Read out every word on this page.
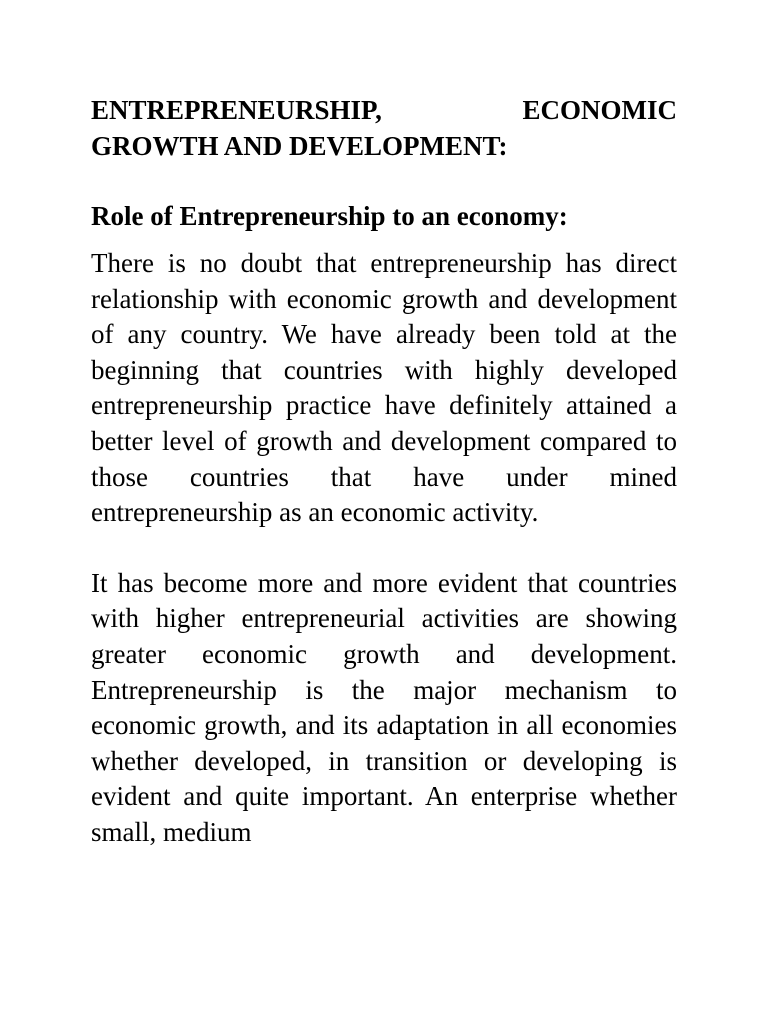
ENTREPRENEURSHIP, ECONOMIC
GROWTH AND DEVELOPMENT:
Role of Entrepreneurship to an economy:

There is no doubt that entrepreneurship has direct relationship with economic growth and development of any country. We have already been told at the beginning that countries with highly developed entrepreneurship practice have definitely attained a better level of growth and development compared to those countries that have under mined entrepreneurship as an economic activity.

It has become more and more evident that countries with higher entrepreneurial activities are showing greater economic growth and development. Entrepreneurship is the major mechanism to economic growth, and its adaptation in all economies whether developed, in transition or developing is evident and quite important. An enterprise whether small, medium
